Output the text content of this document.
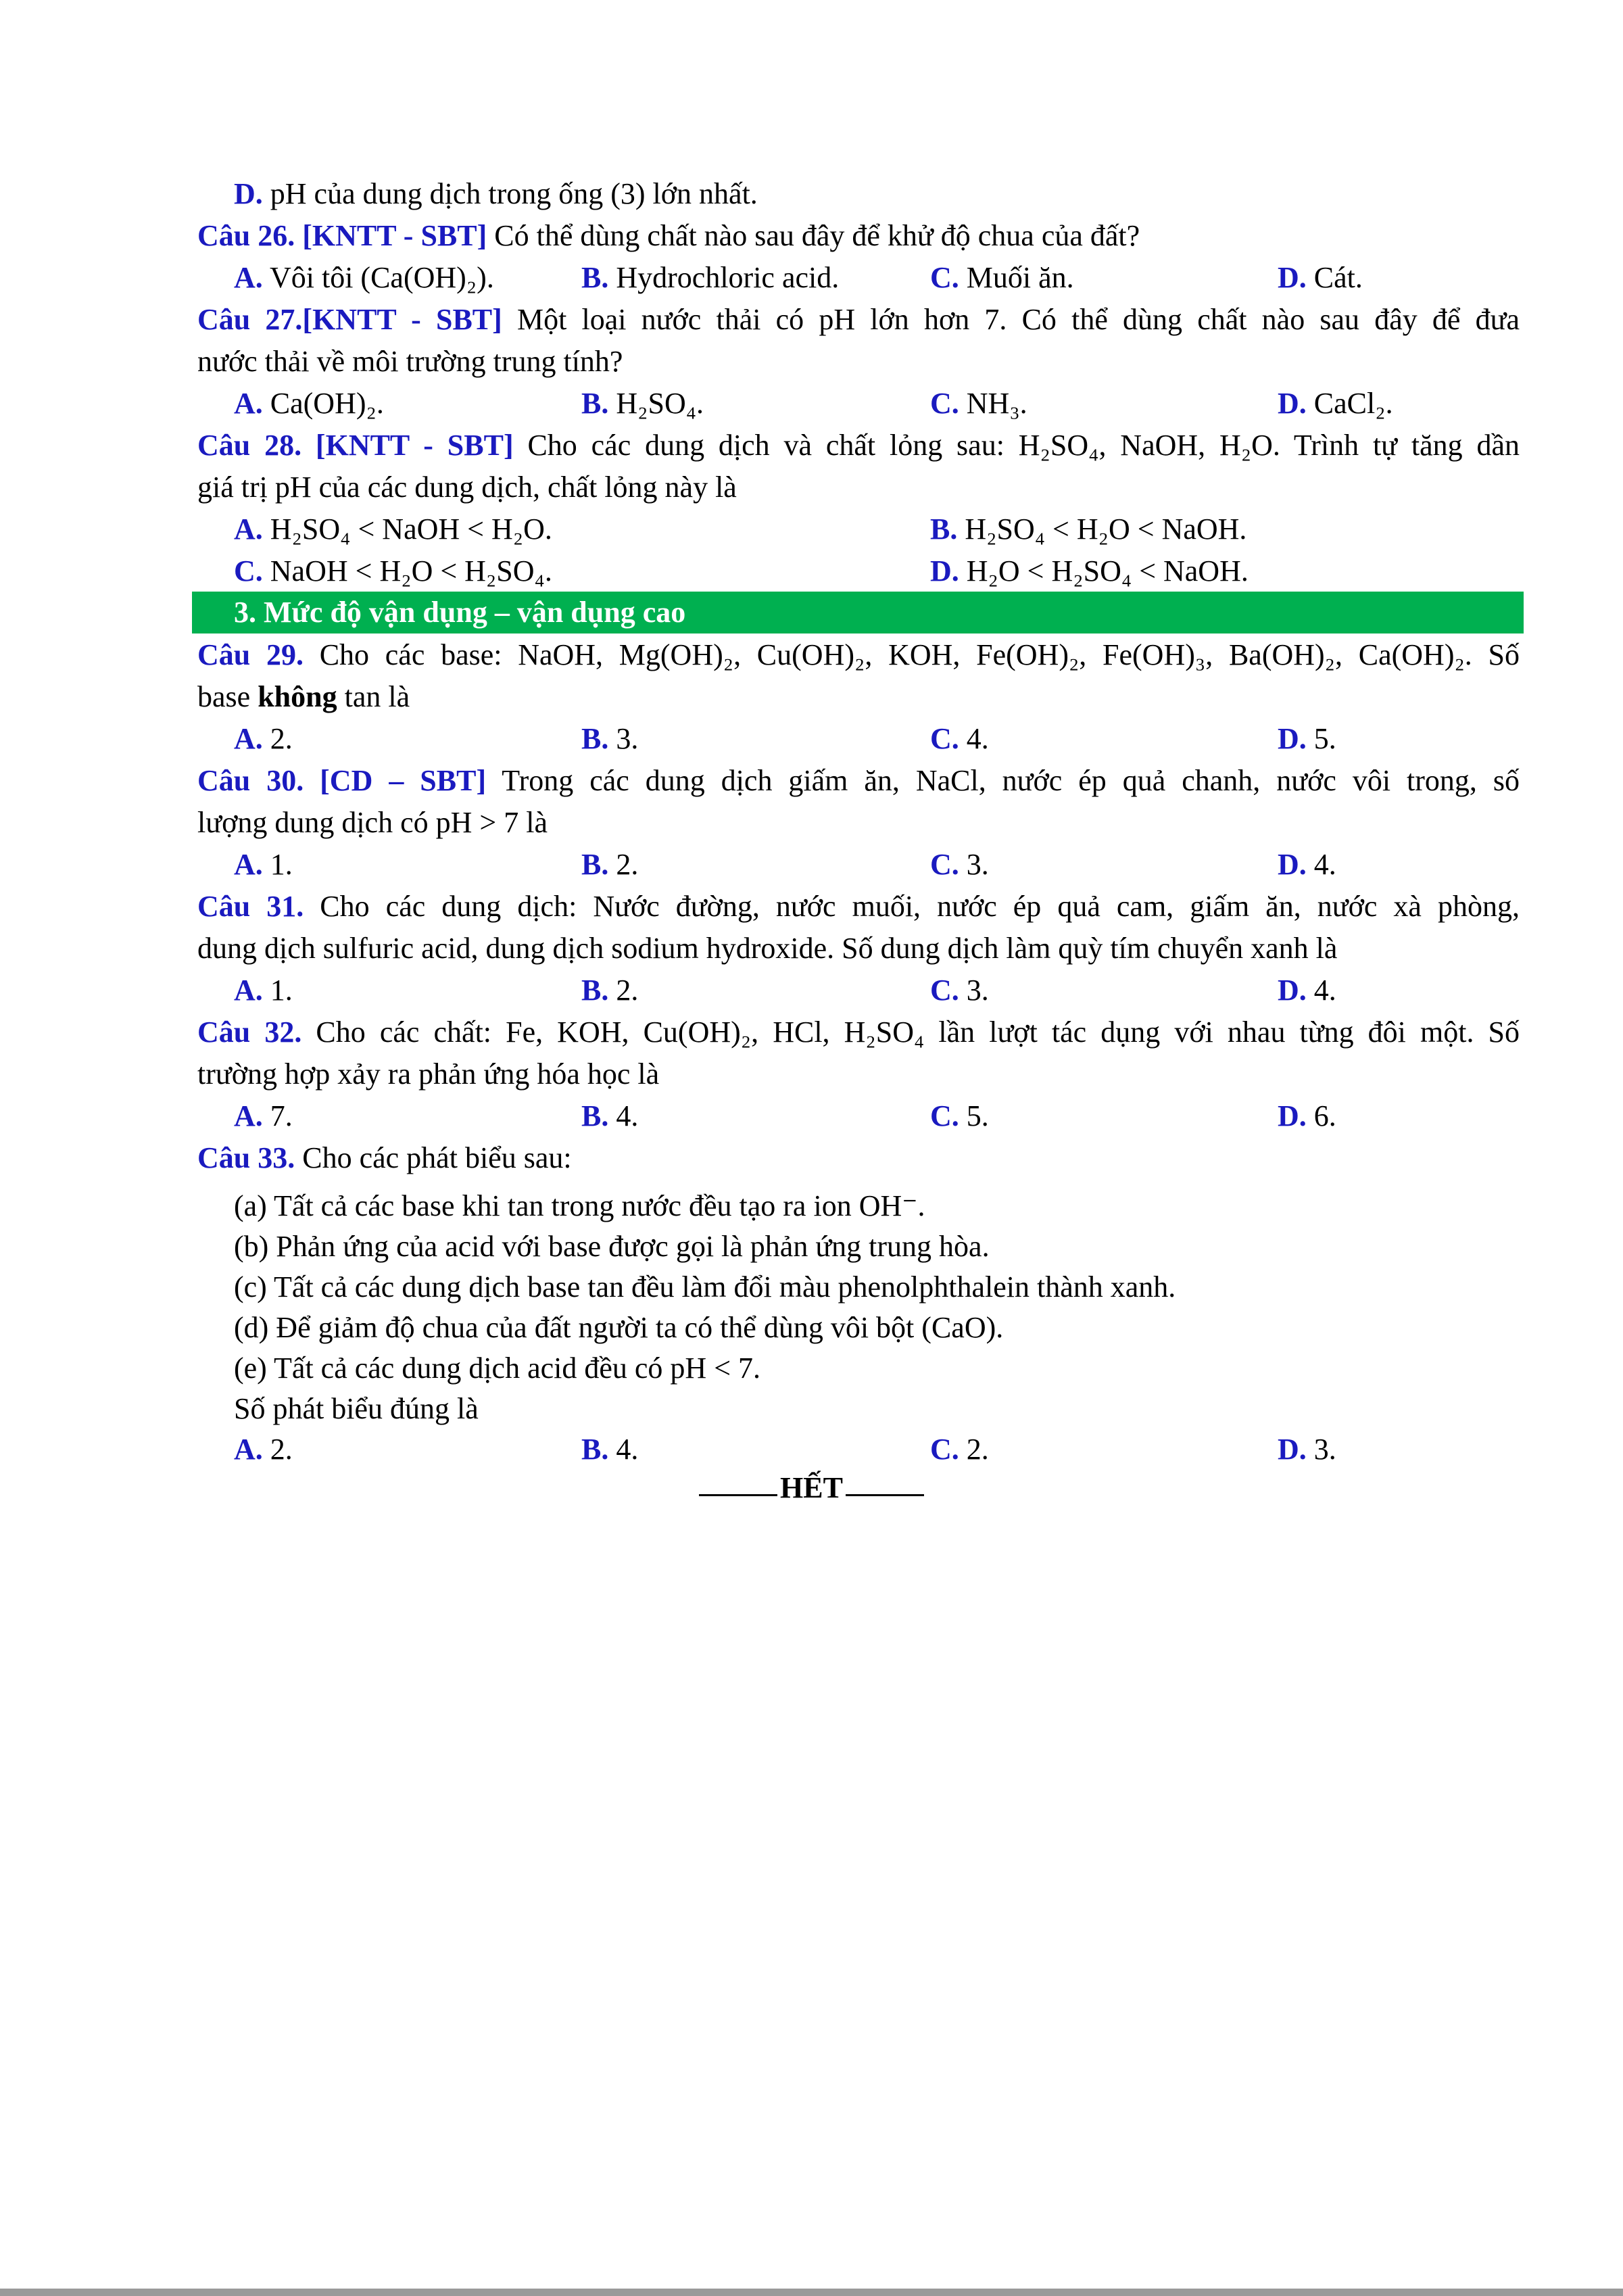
D. pH của dung dịch trong ống (3) lớn nhất.
Câu 26. [KNTT - SBT] Có thể dùng chất nào sau đây để khử độ chua của đất?
A. Vôi tôi (Ca(OH)₂).	B. Hydrochloric acid.	C. Muối ăn.	D. Cát.
Câu 27.[KNTT - SBT] Một loại nước thải có pH lớn hơn 7. Có thể dùng chất nào sau đây để đưa
nước thải về môi trường trung tính?
A. Ca(OH)₂.	B. H₂SO₄.	C. NH₃.	D. CaCl₂.
Câu 28. [KNTT - SBT] Cho các dung dịch và chất lỏng sau: H₂SO₄, NaOH, H₂O. Trình tự tăng dần
giá trị pH của các dung dịch, chất lỏng này là
A. H₂SO₄ < NaOH < H₂O.	B. H₂SO₄ < H₂O < NaOH.
C. NaOH < H₂O < H₂SO₄.	D. H₂O < H₂SO₄ < NaOH.
3. Mức độ vận dụng – vận dụng cao
Câu 29. Cho các base: NaOH, Mg(OH)₂, Cu(OH)₂, KOH, Fe(OH)₂, Fe(OH)₃, Ba(OH)₂, Ca(OH)₂. Số
base không tan là
A. 2.	B. 3.	C. 4.	D. 5.
Câu 30. [CD – SBT] Trong các dung dịch giấm ăn, NaCl, nước ép quả chanh, nước vôi trong, số
lượng dung dịch có pH > 7 là
A. 1.	B. 2.	C. 3.	D. 4.
Câu 31. Cho các dung dịch: Nước đường, nước muối, nước ép quả cam, giấm ăn, nước xà phòng,
dung dịch sulfuric acid, dung dịch sodium hydroxide. Số dung dịch làm quỳ tím chuyển xanh là
A. 1.	B. 2.	C. 3.	D. 4.
Câu 32. Cho các chất: Fe, KOH, Cu(OH)₂, HCl, H₂SO₄ lần lượt tác dụng với nhau từng đôi một. Số
trường hợp xảy ra phản ứng hóa học là
A. 7.	B. 4.	C. 5.	D. 6.
Câu 33. Cho các phát biểu sau:
(a) Tất cả các base khi tan trong nước đều tạo ra ion OH⁻.
(b) Phản ứng của acid với base được gọi là phản ứng trung hòa.
(c) Tất cả các dung dịch base tan đều làm đổi màu phenolphthalein thành xanh.
(d) Để giảm độ chua của đất người ta có thể dùng vôi bột (CaO).
(e) Tất cả các dung dịch acid đều có pH < 7.
Số phát biểu đúng là
A. 2.	B. 4.	C. 2.	D. 3.
HẾT
